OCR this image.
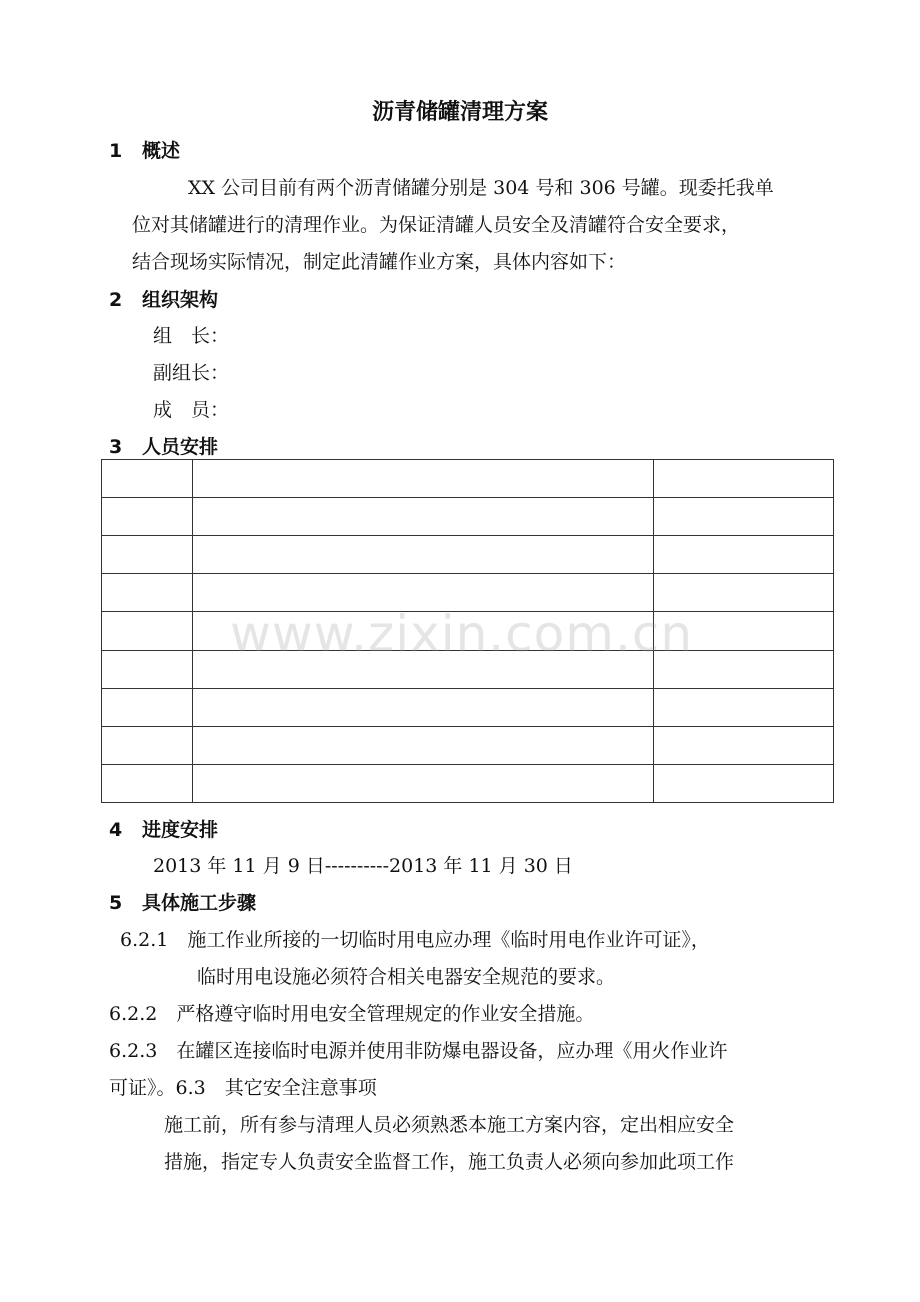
沥青储罐清理方案
1 概述
XX 公司目前有两个沥青储罐分别是 304 号和 306 号罐。现委托我单
位对其储罐进行的清理作业。为保证清罐人员安全及清罐符合安全要求，
结合现场实际情况，制定此清罐作业方案，具体内容如下：
2 组织架构
组　长：
副组长：
成　员：
3 人员安排

www.zixin.com.cn
4 进度安排
2013 年 11 月 9 日----------2013 年 11 月 30 日
5 具体施工步骤
6.2.1　施工作业所接的一切临时用电应办理《临时用电作业许可证》，
临时用电设施必须符合相关电器安全规范的要求。
6.2.2　严格遵守临时用电安全管理规定的作业安全措施。
6.2.3　在罐区连接临时电源并使用非防爆电器设备，应办理《用火作业许
可证》。6.3　其它安全注意事项
施工前，所有参与清理人员必须熟悉本施工方案内容，定出相应安全
措施，指定专人负责安全监督工作，施工负责人必须向参加此项工作
